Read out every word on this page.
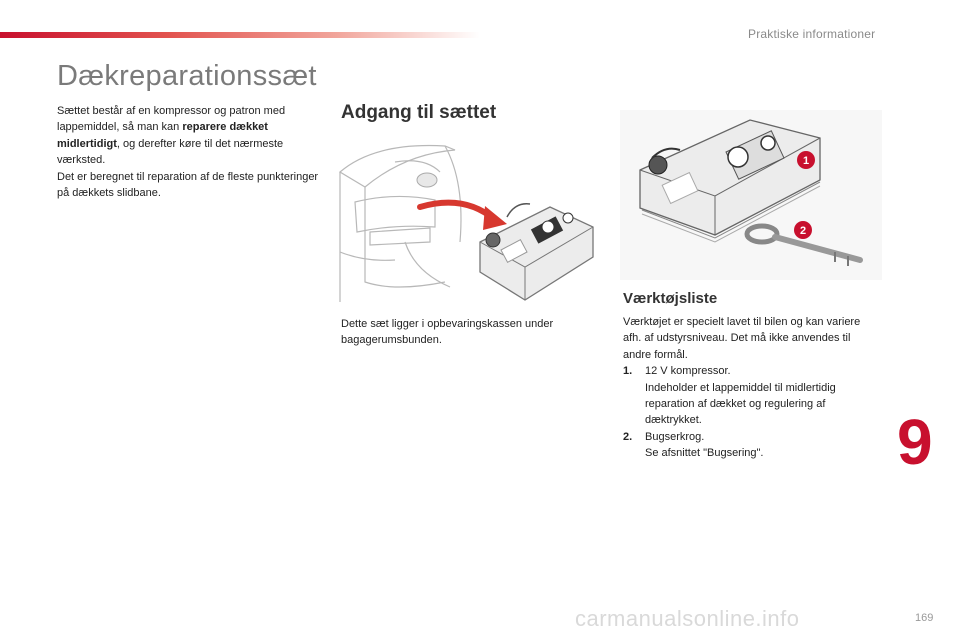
Praktiske informationer
Dækreparationssæt
Sættet består af en kompressor og patron med lappemiddel, så man kan reparere dækket midlertidigt, og derefter køre til det nærmeste værksted.
Det er beregnet til reparation af de fleste punkteringer på dækkets slidbane.
Adgang til sættet
Dette sæt ligger i opbevaringskassen under bagagerumsbunden.
1
2
Værktøjsliste
Værktøjet er specielt lavet til bilen og kan variere afh. af udstyrsniveau. Det må ikke anvendes til andre formål.
1.	12 V kompressor.
Indeholder et lappemiddel til midlertidig reparation af dækket og regulering af dæktrykket.
2.	Bugserkrog.
Se afsnittet "Bugsering".	9
carmanualsonline.info	169
